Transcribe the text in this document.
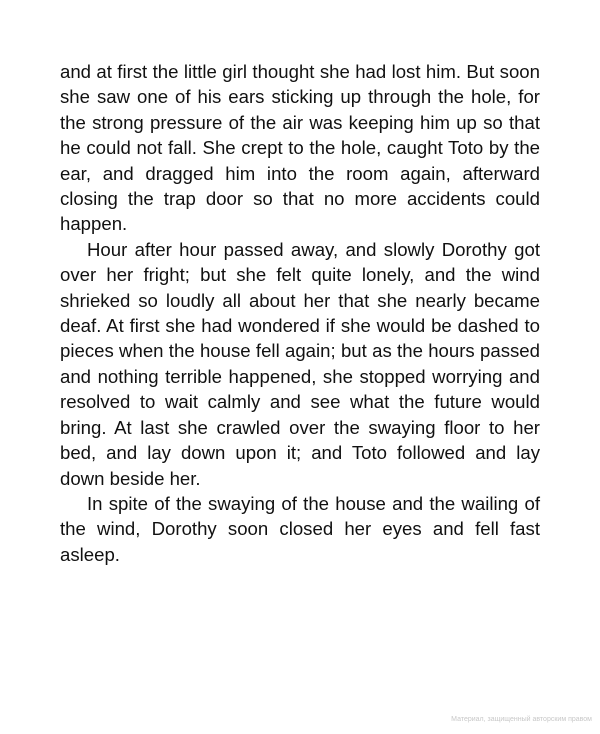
and at first the little girl thought she had lost him. But soon she saw one of his ears sticking up through the hole, for the strong pressure of the air was keeping him up so that he could not fall. She crept to the hole, caught Toto by the ear, and dragged him into the room again, afterward closing the trap door so that no more accidents could happen.

Hour after hour passed away, and slowly Dorothy got over her fright; but she felt quite lonely, and the wind shrieked so loudly all about her that she nearly became deaf. At first she had wondered if she would be dashed to pieces when the house fell again; but as the hours passed and nothing terrible happened, she stopped worrying and resolved to wait calmly and see what the future would bring. At last she crawled over the swaying floor to her bed, and lay down upon it; and Toto followed and lay down beside her.

In spite of the swaying of the house and the wailing of the wind, Dorothy soon closed her eyes and fell fast asleep.

Материал, защищенный авторским правом
